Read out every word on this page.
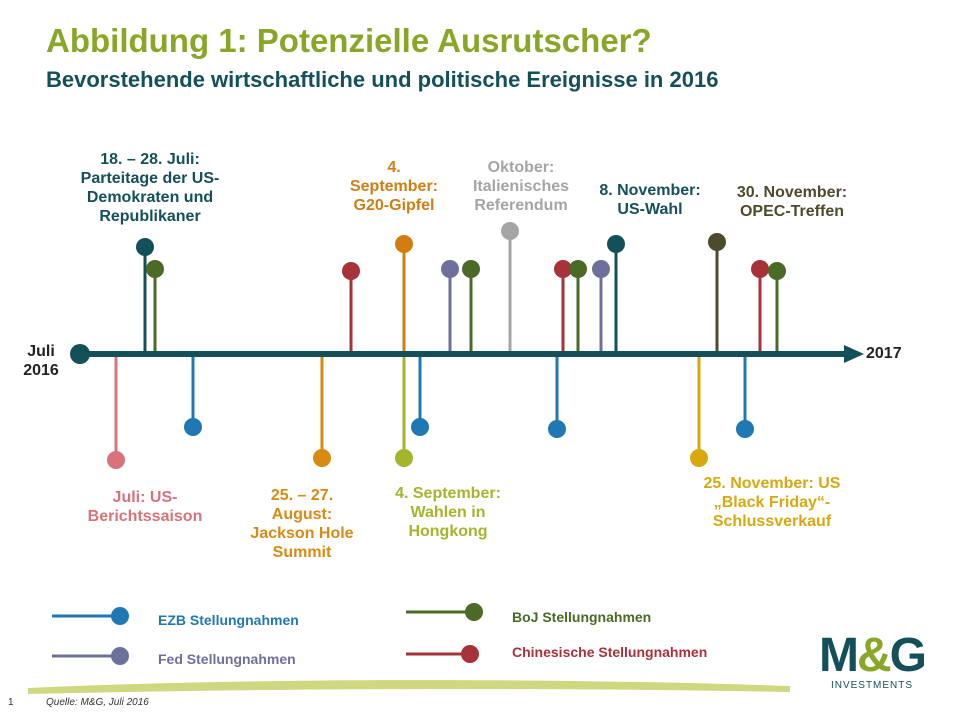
Abbildung 1: Potenzielle Ausrutscher?
Bevorstehende wirtschaftliche und politische Ereignisse in 2016
Juli
2016
2017
18. – 28. Juli:
Parteitage der US-
Demokraten und
Republikaner
4.
September:
G20-Gipfel
Oktober:
Italienisches
Referendum
8. November:
US-Wahl
30. November:
OPEC-Treffen
Juli: US-
Berichtssaison
25. – 27.
August:
Jackson Hole
Summit
4. September:
Wahlen in
Hongkong
25. November: US
„Black Friday“-
Schlussverkauf
EZB Stellungnahmen
Fed Stellungnahmen
BoJ Stellungnahmen
Chinesische Stellungnahmen
1	Quelle: M&G, Juli 2016
M&G
INVESTMENTS
